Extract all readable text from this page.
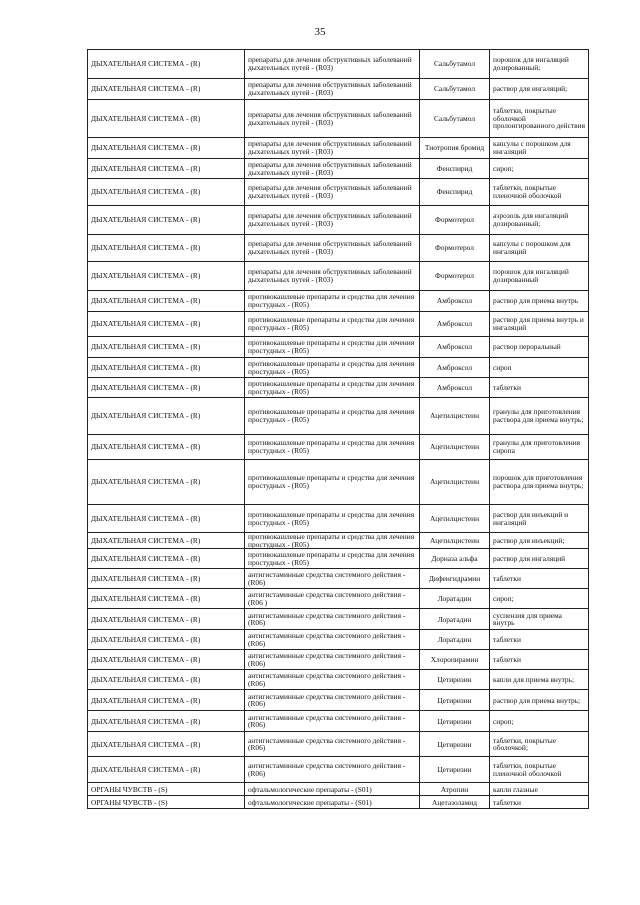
35
ДЫХАТЕЛЬНАЯ СИСТЕМА - (R)	препараты для лечения обструктивных заболеваний дыхательных путей - (R03)	Сальбутамол	порошок для ингаляций дозированный;
ДЫХАТЕЛЬНАЯ СИСТЕМА - (R)	препараты для лечения обструктивных заболеваний дыхательных путей - (R03)	Сальбутамол	раствор для ингаляций;
ДЫХАТЕЛЬНАЯ СИСТЕМА - (R)	препараты для лечения обструктивных заболеваний дыхательных путей - (R03)	Сальбутамол	таблетки, покрытые оболочкой пролонгированного действия
ДЫХАТЕЛЬНАЯ СИСТЕМА - (R)	препараты для лечения обструктивных заболеваний дыхательных путей - (R03)	Тиотропия бромид	капсулы с порошком для ингаляций
ДЫХАТЕЛЬНАЯ СИСТЕМА - (R)	препараты для лечения обструктивных заболеваний дыхательных путей - (R03)	Фенспирид	сироп;
ДЫХАТЕЛЬНАЯ СИСТЕМА - (R)	препараты для лечения обструктивных заболеваний дыхательных путей - (R03)	Фенспирид	таблетки, покрытые пленочной оболочкой
ДЫХАТЕЛЬНАЯ СИСТЕМА - (R)	препараты для лечения обструктивных заболеваний дыхательных путей - (R03)	Формотерол	аэрозоль для ингаляций дозированный;
ДЫХАТЕЛЬНАЯ СИСТЕМА - (R)	препараты для лечения обструктивных заболеваний дыхательных путей - (R03)	Формотерол	капсулы с порошком для ингаляций
ДЫХАТЕЛЬНАЯ СИСТЕМА - (R)	препараты для лечения обструктивных заболеваний дыхательных путей - (R03)	Формотерол	порошок для ингаляций дозированный
ДЫХАТЕЛЬНАЯ СИСТЕМА - (R)	противокашлевые препараты и средства для лечения простудных - (R05)	Амброксол	раствор для приема внутрь
ДЫХАТЕЛЬНАЯ СИСТЕМА - (R)	противокашлевые препараты и средства для лечения простудных - (R05)	Амброксол	раствор для приема внутрь и ингаляций
ДЫХАТЕЛЬНАЯ СИСТЕМА - (R)	противокашлевые препараты и средства для лечения простудных - (R05)	Амброксол	раствор пероральный
ДЫХАТЕЛЬНАЯ СИСТЕМА - (R)	противокашлевые препараты и средства для лечения простудных - (R05)	Амброксол	сироп
ДЫХАТЕЛЬНАЯ СИСТЕМА - (R)	противокашлевые препараты и средства для лечения простудных - (R05)	Амброксол	таблетки
ДЫХАТЕЛЬНАЯ СИСТЕМА - (R)	противокашлевые препараты и средства для лечения простудных - (R05)	Ацетилцистеин	гранулы для приготовления раствора для приема внутрь;
ДЫХАТЕЛЬНАЯ СИСТЕМА - (R)	противокашлевые препараты и средства для лечения простудных - (R05)	Ацетилцистеин	гранулы для приготовления сиропа
ДЫХАТЕЛЬНАЯ СИСТЕМА - (R)	противокашлевые препараты и средства для лечения простудных - (R05)	Ацетилцистеин	порошок для приготовления раствора для приема внутрь;
ДЫХАТЕЛЬНАЯ СИСТЕМА - (R)	противокашлевые препараты и средства для лечения простудных - (R05)	Ацетилцистеин	раствор для инъекций и ингаляций
ДЫХАТЕЛЬНАЯ СИСТЕМА - (R)	противокашлевые препараты и средства для лечения простудных - (R05)	Ацетилцистеин	раствор для инъекций;
ДЫХАТЕЛЬНАЯ СИСТЕМА - (R)	противокашлевые препараты и средства для лечения простудных - (R05)	Дорназа альфа	раствор для ингаляций
ДЫХАТЕЛЬНАЯ СИСТЕМА - (R)	антигистаминные средства системного действия - (R06)	Дифенгидрамин	таблетки
ДЫХАТЕЛЬНАЯ СИСТЕМА - (R)	антигистаминные средства системного действия - (R06 )	Лоратадин	сироп;
ДЫХАТЕЛЬНАЯ СИСТЕМА - (R)	антигистаминные средства системного действия - (R06)	Лоратадин	суспензия для приема внутрь
ДЫХАТЕЛЬНАЯ СИСТЕМА - (R)	антигистаминные средства системного действия - (R06)	Лоратадин	таблетки
ДЫХАТЕЛЬНАЯ СИСТЕМА - (R)	антигистаминные средства системного действия - (R06)	Хлоропирамин	таблетки
ДЫХАТЕЛЬНАЯ СИСТЕМА - (R)	антигистаминные средства системного действия - (R06)	Цетиризин	капли для приема внутрь;
ДЫХАТЕЛЬНАЯ СИСТЕМА - (R)	антигистаминные средства системного действия - (R06)	Цетиризин	раствор для приема внутрь;
ДЫХАТЕЛЬНАЯ СИСТЕМА - (R)	антигистаминные средства системного действия - (R06)	Цетиризин	сироп;
ДЫХАТЕЛЬНАЯ СИСТЕМА - (R)	антигистаминные средства системного действия - (R06)	Цетиризин	таблетки, покрытые оболочкой;
ДЫХАТЕЛЬНАЯ СИСТЕМА - (R)	антигистаминные средства системного действия - (R06)	Цетиризин	таблетки, покрытые пленочной оболочкой
ОРГАНЫ ЧУВСТВ - (S)	офтальмологические препараты - (S01)	Атропин	капли глазные
ОРГАНЫ ЧУВСТВ - (S)	офтальмологические препараты - (S01)	Ацетазоламид	таблетки
